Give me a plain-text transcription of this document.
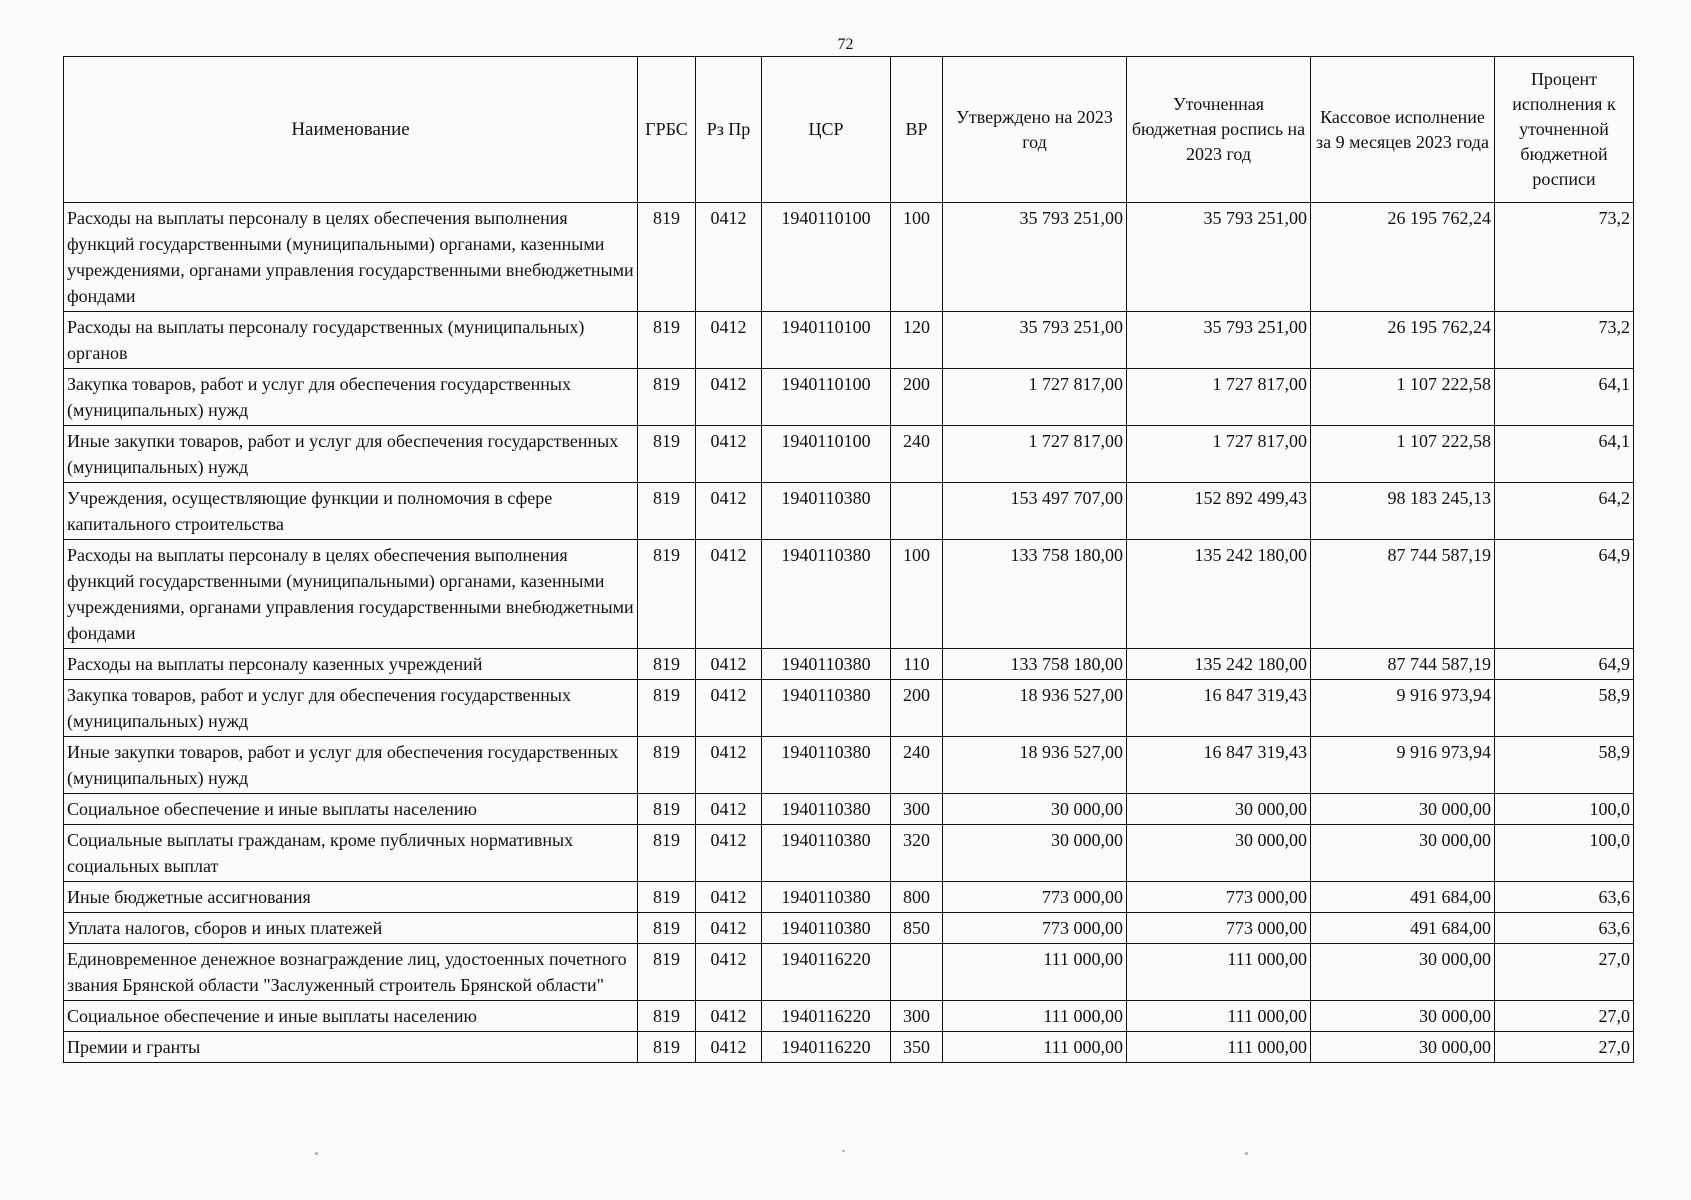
72
Наименование	ГРБС	Рз Пр	ЦСР	ВР	Утверждено на 2023 год	Уточненная бюджетная роспись на 2023 год	Кассовое исполнение за 9 месяцев 2023 года	Процент исполнения к уточненной бюджетной росписи
Расходы на выплаты персоналу в целях обеспечения выполнения функций государственными (муниципальными) органами, казенными учреждениями, органами управления государственными внебюджетными фондами	819	0412	1940110100	100	35 793 251,00	35 793 251,00	26 195 762,24	73,2
Расходы на выплаты персоналу государственных (муниципальных) органов	819	0412	1940110100	120	35 793 251,00	35 793 251,00	26 195 762,24	73,2
Закупка товаров, работ и услуг для обеспечения государственных (муниципальных) нужд	819	0412	1940110100	200	1 727 817,00	1 727 817,00	1 107 222,58	64,1
Иные закупки товаров, работ и услуг для обеспечения государственных (муниципальных) нужд	819	0412	1940110100	240	1 727 817,00	1 727 817,00	1 107 222,58	64,1
Учреждения, осуществляющие функции и полномочия в сфере капитального строительства	819	0412	1940110380		153 497 707,00	152 892 499,43	98 183 245,13	64,2
Расходы на выплаты персоналу в целях обеспечения выполнения функций государственными (муниципальными) органами, казенными учреждениями, органами управления государственными внебюджетными фондами	819	0412	1940110380	100	133 758 180,00	135 242 180,00	87 744 587,19	64,9
Расходы на выплаты персоналу казенных учреждений	819	0412	1940110380	110	133 758 180,00	135 242 180,00	87 744 587,19	64,9
Закупка товаров, работ и услуг для обеспечения государственных (муниципальных) нужд	819	0412	1940110380	200	18 936 527,00	16 847 319,43	9 916 973,94	58,9
Иные закупки товаров, работ и услуг для обеспечения государственных (муниципальных) нужд	819	0412	1940110380	240	18 936 527,00	16 847 319,43	9 916 973,94	58,9
Социальное обеспечение и иные выплаты населению	819	0412	1940110380	300	30 000,00	30 000,00	30 000,00	100,0
Социальные выплаты гражданам, кроме публичных нормативных социальных выплат	819	0412	1940110380	320	30 000,00	30 000,00	30 000,00	100,0
Иные бюджетные ассигнования	819	0412	1940110380	800	773 000,00	773 000,00	491 684,00	63,6
Уплата налогов, сборов и иных платежей	819	0412	1940110380	850	773 000,00	773 000,00	491 684,00	63,6
Единовременное денежное вознаграждение лиц, удостоенных почетного звания Брянской области "Заслуженный строитель Брянской области"	819	0412	1940116220		111 000,00	111 000,00	30 000,00	27,0
Социальное обеспечение и иные выплаты населению	819	0412	1940116220	300	111 000,00	111 000,00	30 000,00	27,0
Премии и гранты	819	0412	1940116220	350	111 000,00	111 000,00	30 000,00	27,0
